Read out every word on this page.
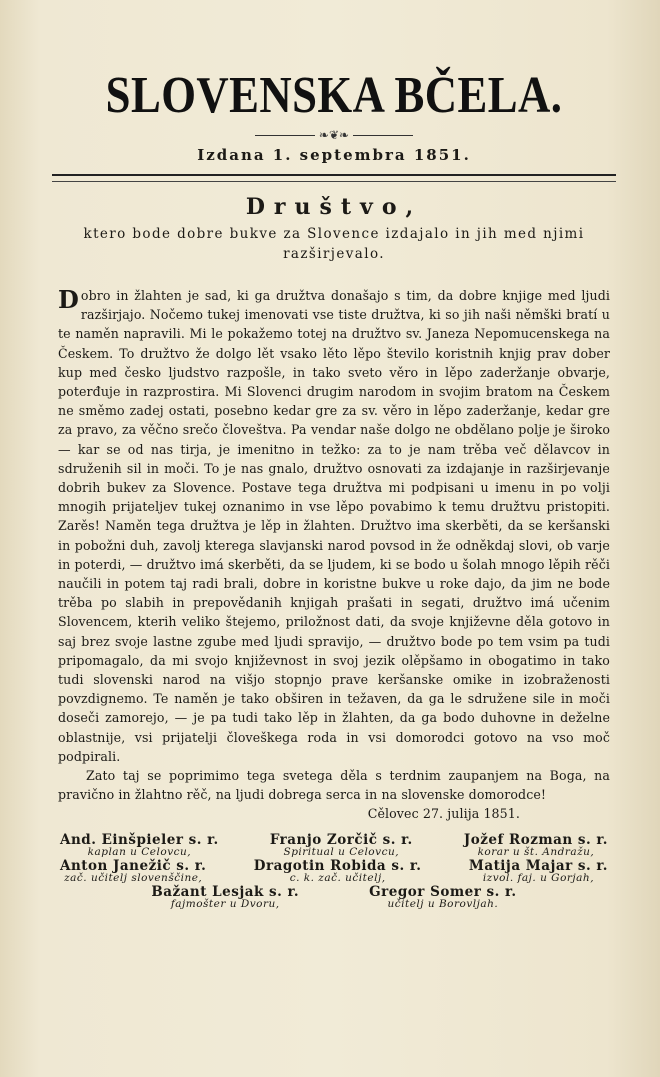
SLOVENSKA BČELA.
❧❦❧
Izdana 1. septembra 1851.
Društvo,
ktero bode dobre bukve za Slovence izdajalo in jih med njimi razširjevalo.

Dobro in žlahten je sad, ki ga družtva donašajo s tim, da dobre knjige med ljudi razširjajo. Nočemo tukej imenovati vse tiste družtva, ki so jih naši němški bratí u te naměn napravili. Mi le pokažemo totej na družtvo sv. Janeza Nepomucenskega na Českem. To družtvo že dolgo lět vsako lěto lěpo število koristnih knjig prav dober kup med česko ljudstvo razpošle, in tako sveto věro in lěpo zaderžanje obvarje, poterđuje in razprostira. Mi Slovenci drugim narodom in svojim bratom na Českem ne směmo zadej ostati, posebno kedar gre za sv. věro in lěpo zaderžanje, kedar gre za pravo, za věčno srečo človeštva. Pa vendar naše dolgo ne obdělano polje je široko — kar se od nas tirja, je imenitno in težko: za to je nam trěba več dělavcov in sdruženih sil in moči. To je nas gnalo, družtvo osnovati za izdajanje in razširjevanje dobrih bukev za Slovence. Postave tega družtva mi podpisani u imenu in po volji mnogih prijateljev tukej oznanimo in vse lěpo povabimo k temu družtvu pristopiti. Zarěs! Naměn tega družtva je lěp in žlahten. Družtvo ima skerběti, da se keršanski in pobožni duh, zavolj kterega slavjanski narod povsod in že odněkdaj slovi, ob varje in poterdi, — družtvo imá skerběti, da se ljudem, ki se bodo u šolah mnogo lěpih rěči naučili in potem taj radi brali, dobre in koristne bukve u roke dajo, da jim ne bode trěba po slabih in prepovědanih knjigah prašati in segati, družtvo imá učenim Slovencem, kterih veliko štejemo, priložnost dati, da svoje književne děla gotovo in saj brez svoje lastne zgube med ljudi spravijo, — družtvo bode po tem vsim pa tudi pripomagalo, da mi svojo književnost in svoj jezik olěpšamo in obogatimo in tako tudi slovenski narod na višjo stopnjo prave keršanske omike in izobraženosti povzdignemo. Te naměn je tako obširen in težaven, da ga le sdružene sile in moči doseči zamorejo, — je pa tudi tako lěp in žlahten, da ga bodo duhovne in deželne oblastnije, vsi prijatelji človeškega roda in vsi domorodci gotovo na vso moč podpirali.

Zato taj se poprimimo tega svetega děla s terdnim zaupanjem na Boga, na pravično in žlahtno rěč, na ljudi dobrega serca in na slovenske domorodce!

Cělovec 27. julija 1851.

And. Einšpieler s. r.
kaplan u Celovcu,
Franjo Zorčič s. r.
Spiritual u Celovcu,
Jožef Rozman s. r.
korar u št. Andražu,
Anton Janežič s. r.
zač. učitelj slovenščine,
Dragotin Robida s. r.
c. k. zač. učitelj,
Matija Majar s. r.
izvol. faj. u Gorjah,
Bažant Lesjak s. r.
fajmošter u Dvoru,
Gregor Somer s. r.
učitelj u Borovljah.
